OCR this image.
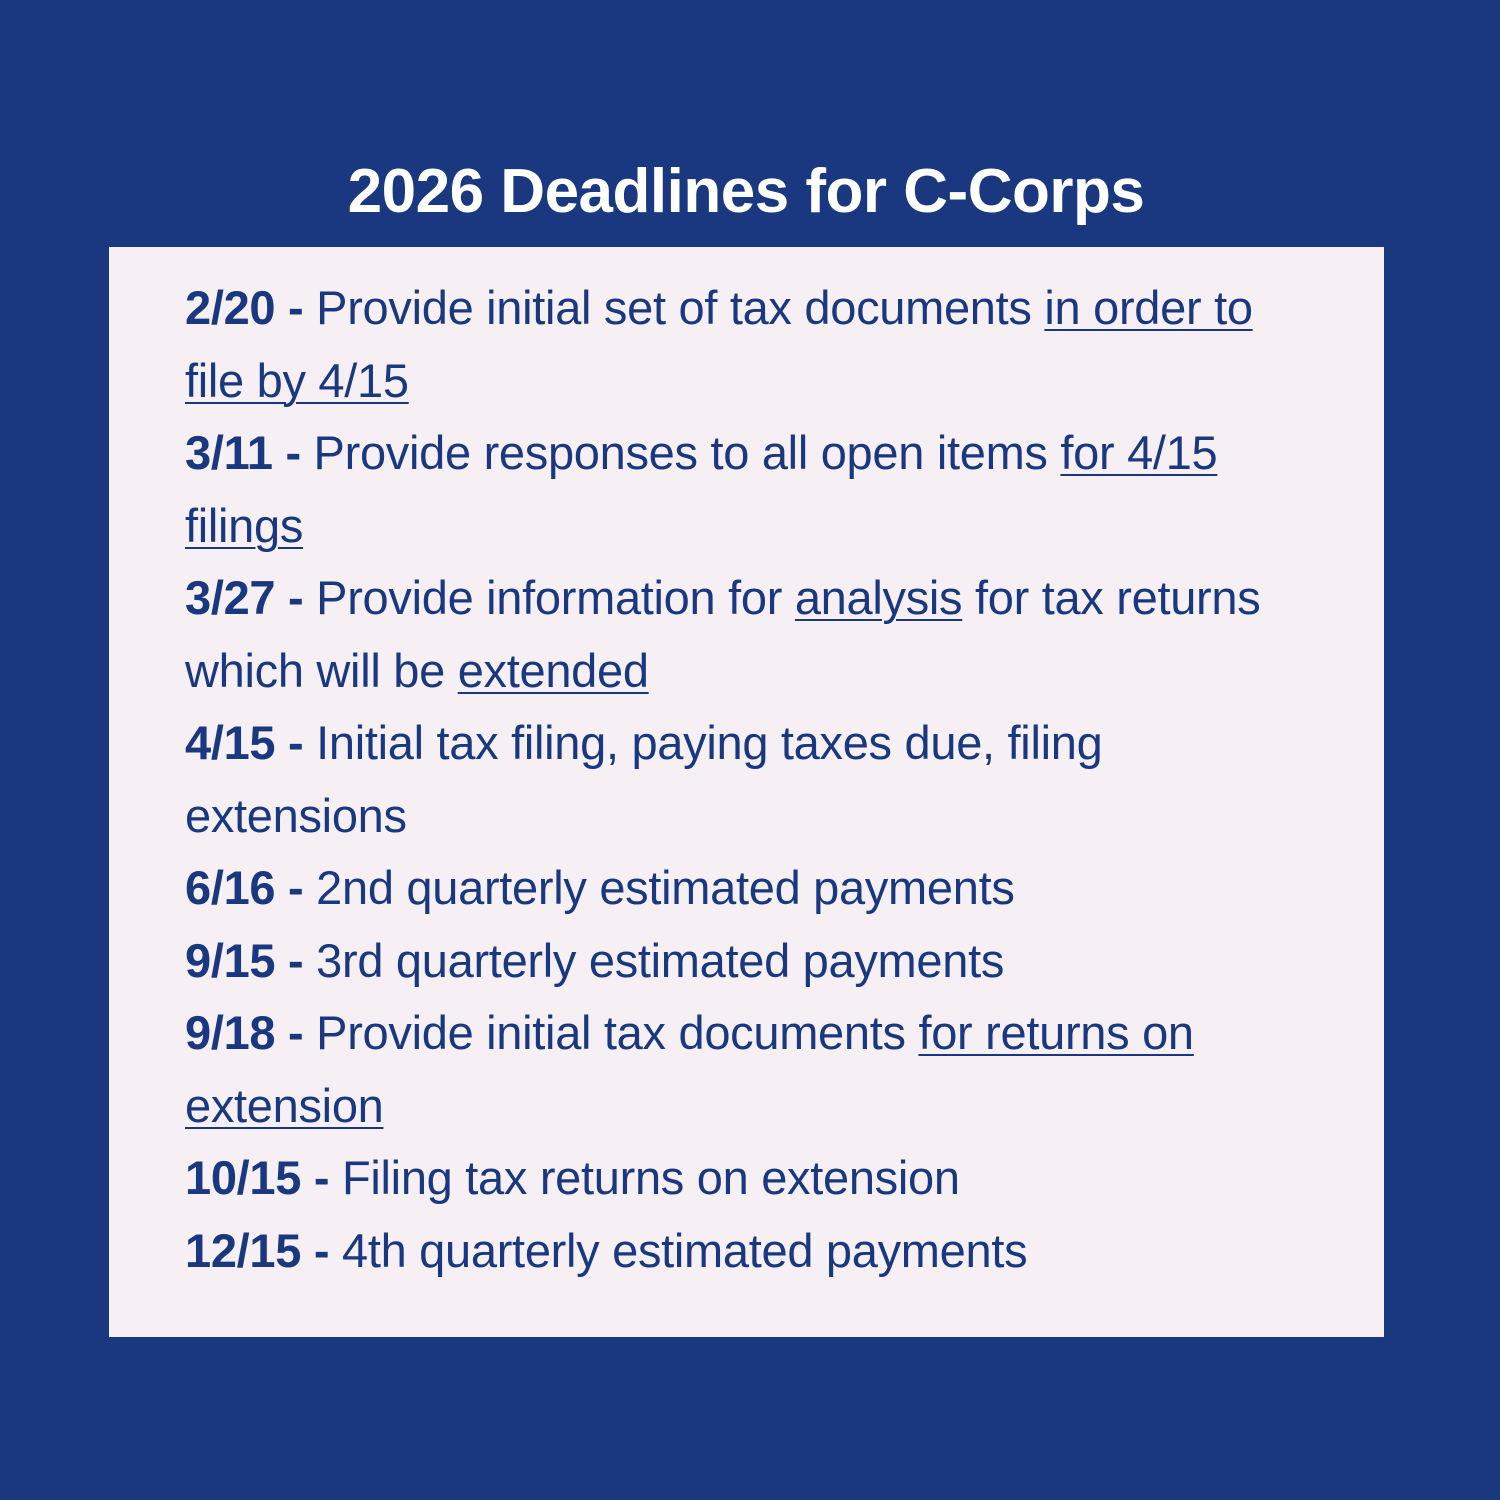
2026 Deadlines for C-Corps
2/20 - Provide initial set of tax documents in order to file by 4/15
3/11 - Provide responses to all open items for 4/15 filings
3/27 - Provide information for analysis for tax returns which will be extended
4/15 - Initial tax filing, paying taxes due, filing extensions
6/16 - 2nd quarterly estimated payments
9/15 - 3rd quarterly estimated payments
9/18 - Provide initial tax documents for returns on extension
10/15 - Filing tax returns on extension
12/15 - 4th quarterly estimated payments
